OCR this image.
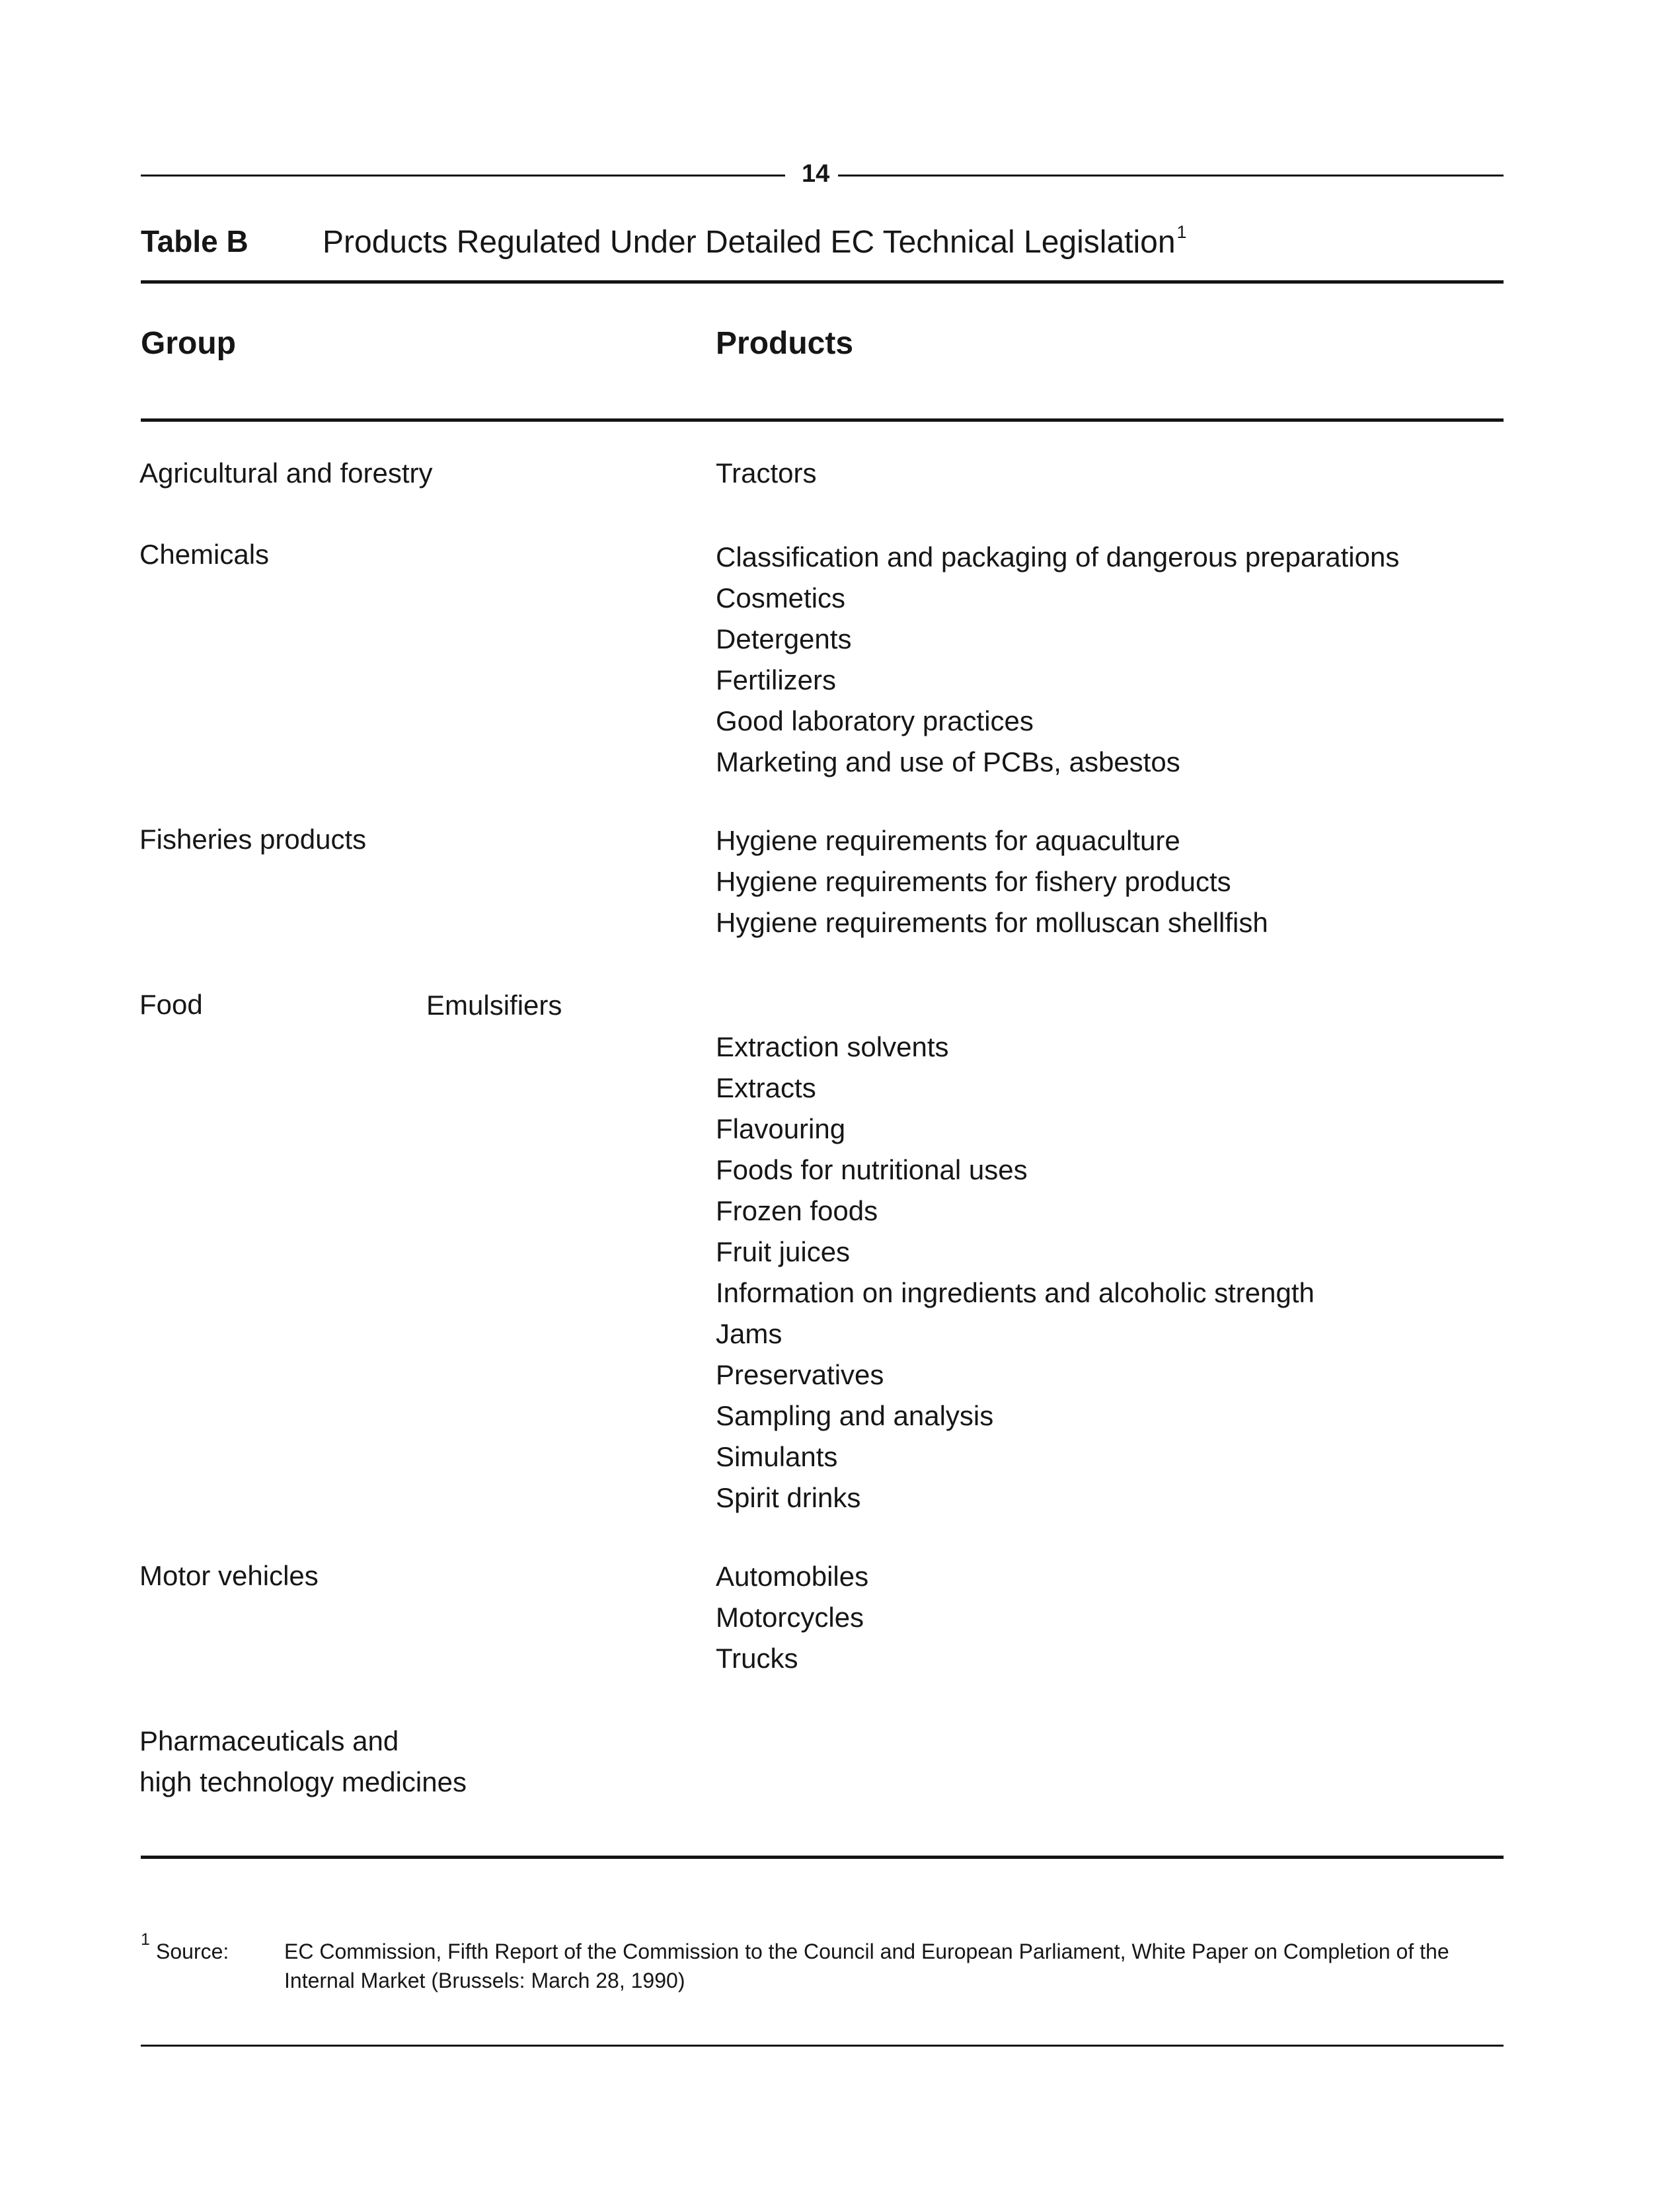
14
Table B Products Regulated Under Detailed EC Technical Legislation$^1$
Group	Products
Agricultural and forestry	Tractors
Chemicals	Classification and packaging of dangerous preparations
Cosmetics
Detergents
Fertilizers
Good laboratory practices
Marketing and use of PCBs, asbestos
Fisheries products	Hygiene requirements for aquaculture
Hygiene requirements for fishery products
Hygiene requirements for molluscan shellfish
Food	Emulsifiers
Extraction solvents
Extracts
Flavouring
Foods for nutritional uses
Frozen foods
Fruit juices
Information on ingredients and alcoholic strength
Jams
Preservatives
Sampling and analysis
Simulants
Spirit drinks
Motor vehicles	Automobiles
Motorcycles
Trucks
Pharmaceuticals and
high technology medicines
1 Source:	EC Commission, Fifth Report of the Commission to the Council and European Parliament, White Paper on Completion of the Internal Market (Brussels: March 28, 1990)
